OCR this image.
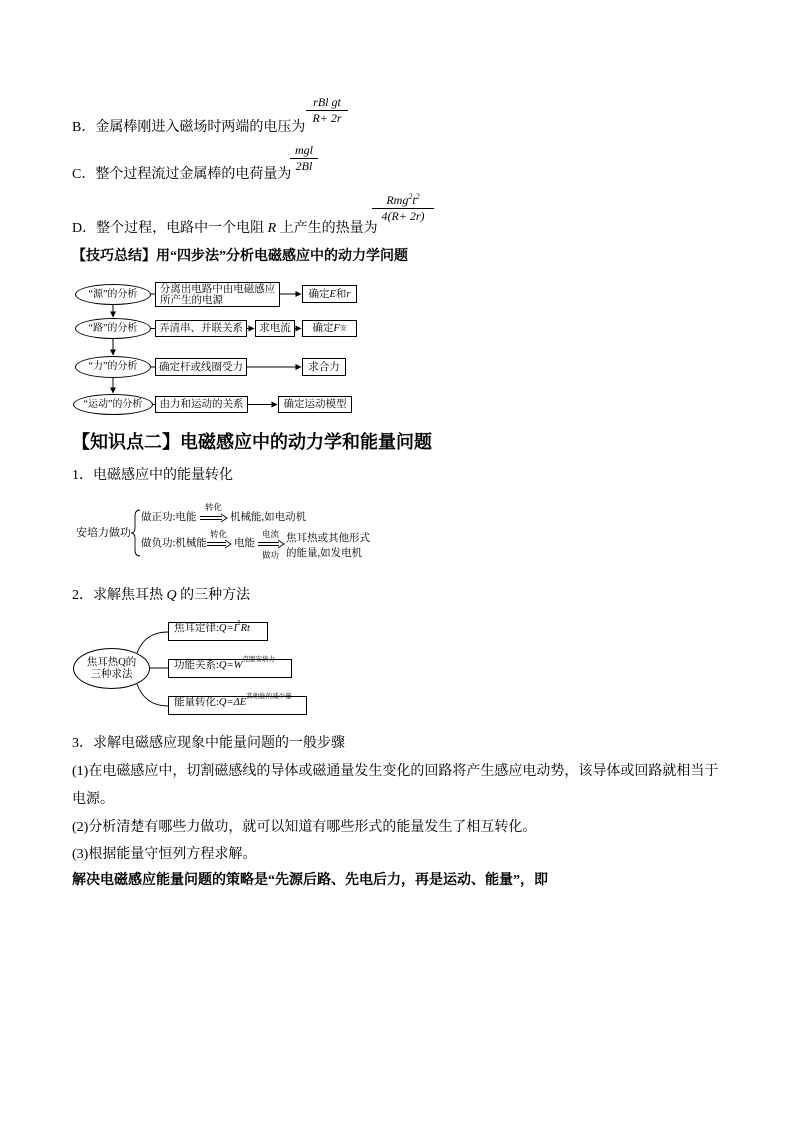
B．金属棒刚进入磁场时两端的电压为
rBl gt
R+ 2r
C．整个过程流过金属棒的电荷量为
mgl
2Bl
D．整个过程，电路中一个电阻 R 上产生的热量为
$Rmg^2t^2$
4(R+ 2r)
【技巧总结】用“四步法”分析电磁感应中的动力学问题
“源”的分析
“路”的分析
“力”的分析
“运动”的分析
分离出电路中由电磁感应
所产生的电源
确定 E 和 r
弄清串、并联关系 求电流 确定 F 安
确定杆或线圈受力	求合力
由力和运动的关系	确定运动模型
【知识点二】电磁感应中的动力学和能量问题
1．电磁感应中的能量转化
安培力做功
做正功:电能
转化
机械能,如电动机
做负功:机械能
转化
电能
电流
做功
焦耳热或其他形式
的能量,如发电机
2．求解焦耳热 Q 的三种方法
焦耳热Q的
三种求法
焦耳定律: Q=I 2 Rt
功能关系: Q=W
克服安培力
能量转化: Q=ΔE
其他能的减少量
3．求解电磁感应现象中能量问题的一般步骤
(1)在电磁感应中，切割磁感线的导体或磁通量发生变化的回路将产生感应电动势，该导体或回路就相当于电源。
(2)分析清楚有哪些力做功，就可以知道有哪些形式的能量发生了相互转化。
(3)根据能量守恒列方程求解。
解决电磁感应能量问题的策略是“先源后路、先电后力，再是运动、能量”，即
